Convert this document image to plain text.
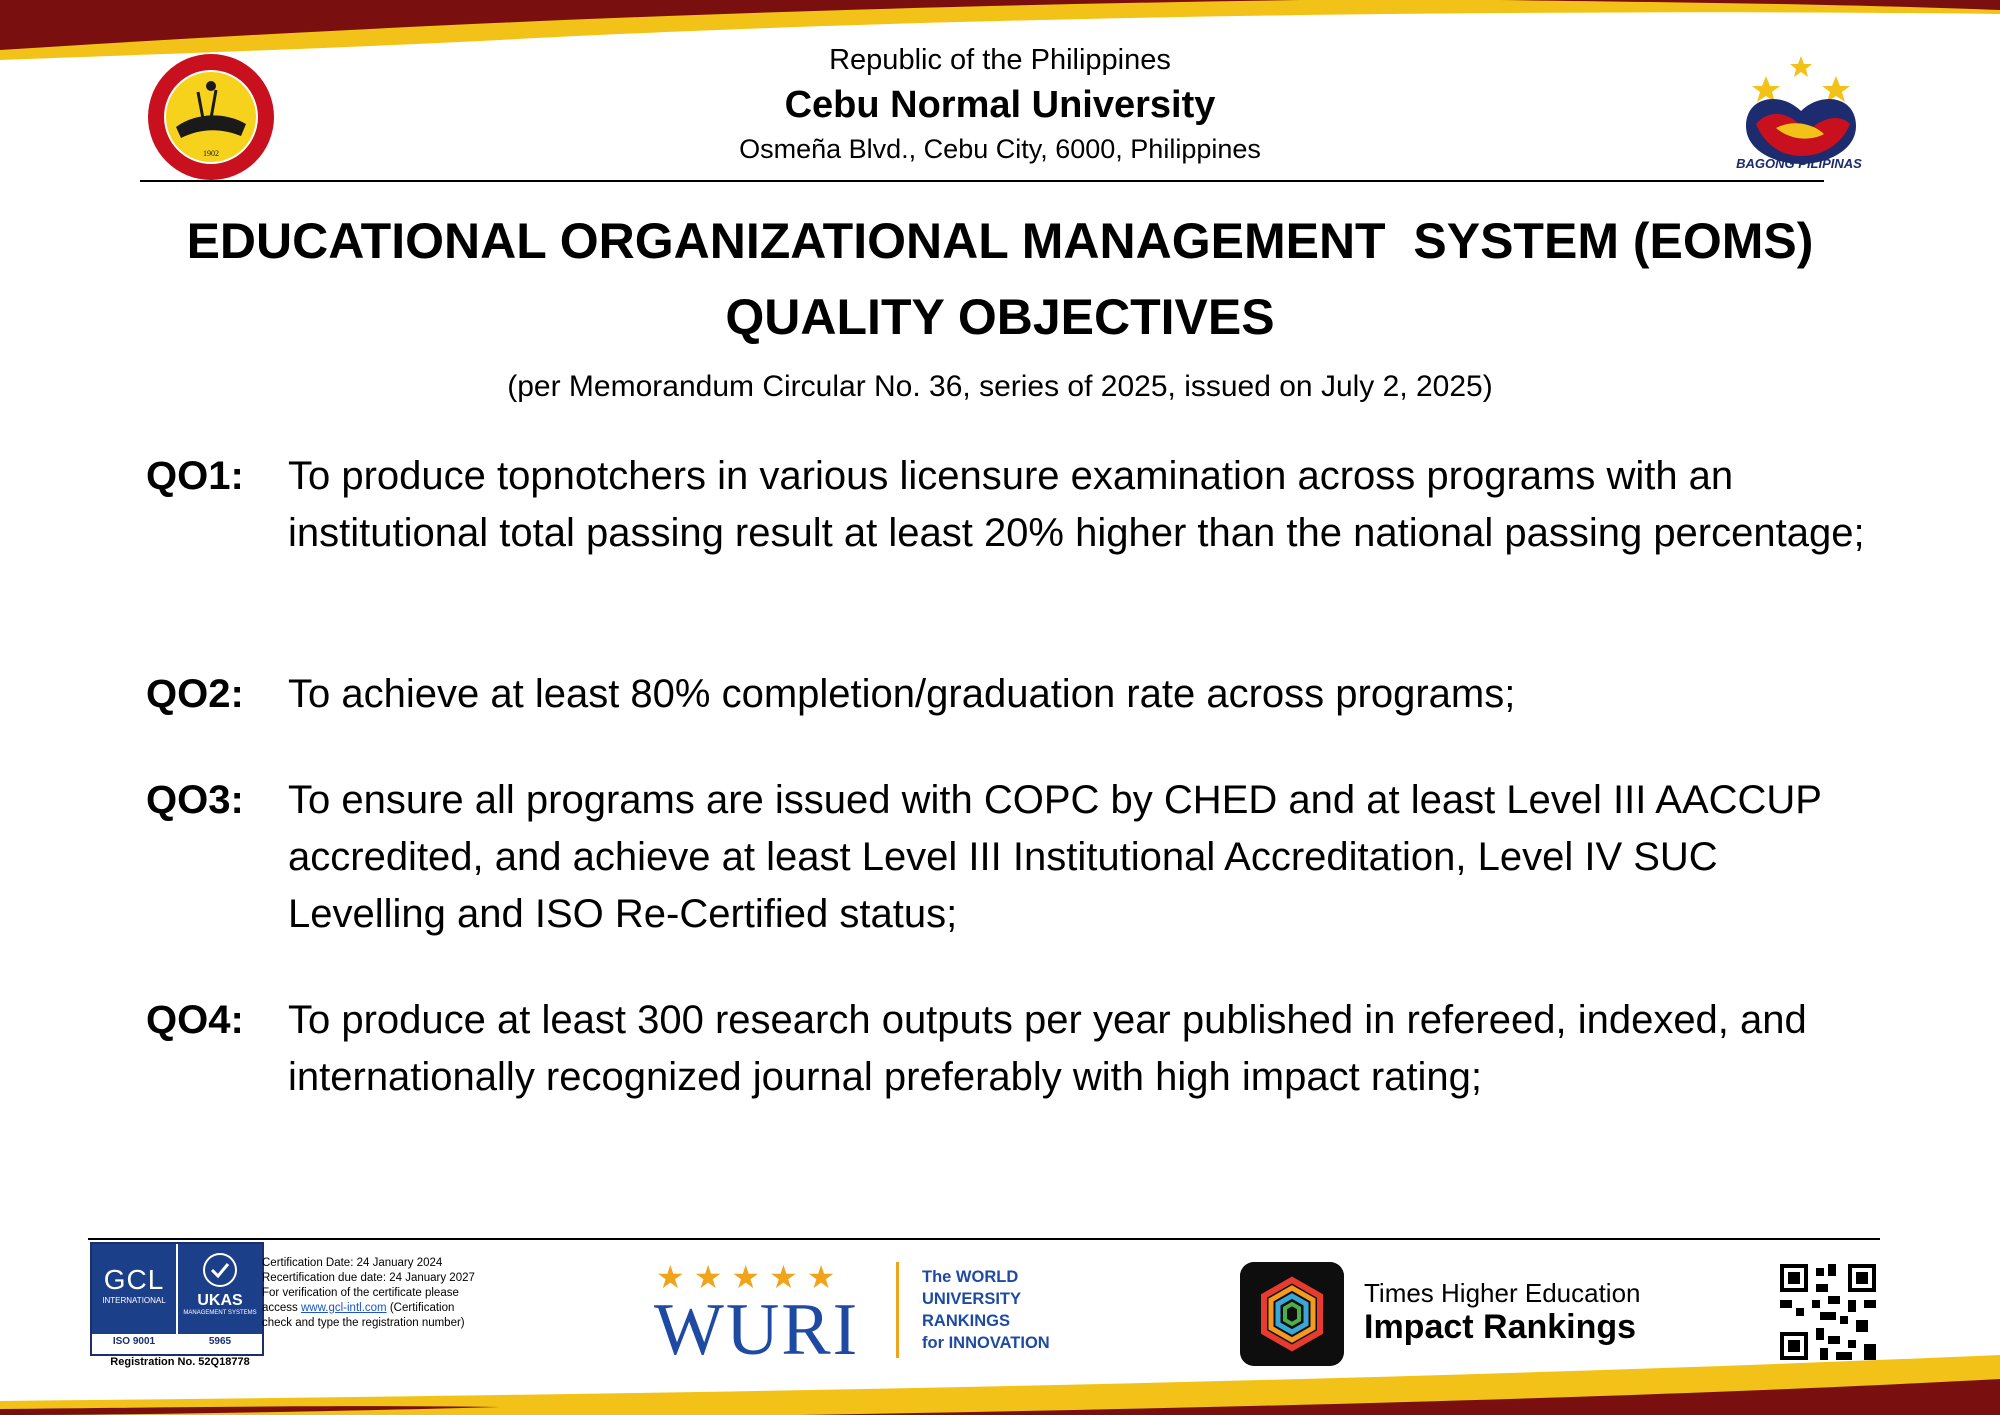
1902
Republic of the Philippines
Cebu Normal University
Osmeña Blvd., Cebu City, 6000, Philippines	BAGONG PILIPINAS
EDUCATIONAL ORGANIZATIONAL MANAGEMENT  SYSTEM (EOMS)
QUALITY OBJECTIVES
(per Memorandum Circular No. 36, series of 2025, issued on July 2, 2025)
QO1: To produce topnotchers in various licensure examination across programs with an institutional total passing result at least 20% higher than the national passing percentage;
QO2: To achieve at least 80% completion/graduation rate across programs;
QO3: To ensure all programs are issued with COPC by CHED and at least Level III AACCUP accredited, and achieve at least Level III Institutional Accreditation, Level IV SUC Levelling and ISO Re-Certified status;
QO4: To produce at least 300 research outputs per year published in refereed, indexed, and internationally recognized journal preferably with high impact rating;
GCL
INTERNATIONAL	UKAS
MANAGEMENT SYSTEMS
ISO 9001	5965
Registration No. 52Q18778
Certification Date: 24 January 2024
Recertification due date: 24 January 2027
For verification of the certificate please
access www.gcl-intl.com (Certification
check and type the registration number)
★★★★★
WURI
The WORLD
UNIVERSITY
RANKINGS
for INNOVATION
Times Higher Education
Impact Rankings
